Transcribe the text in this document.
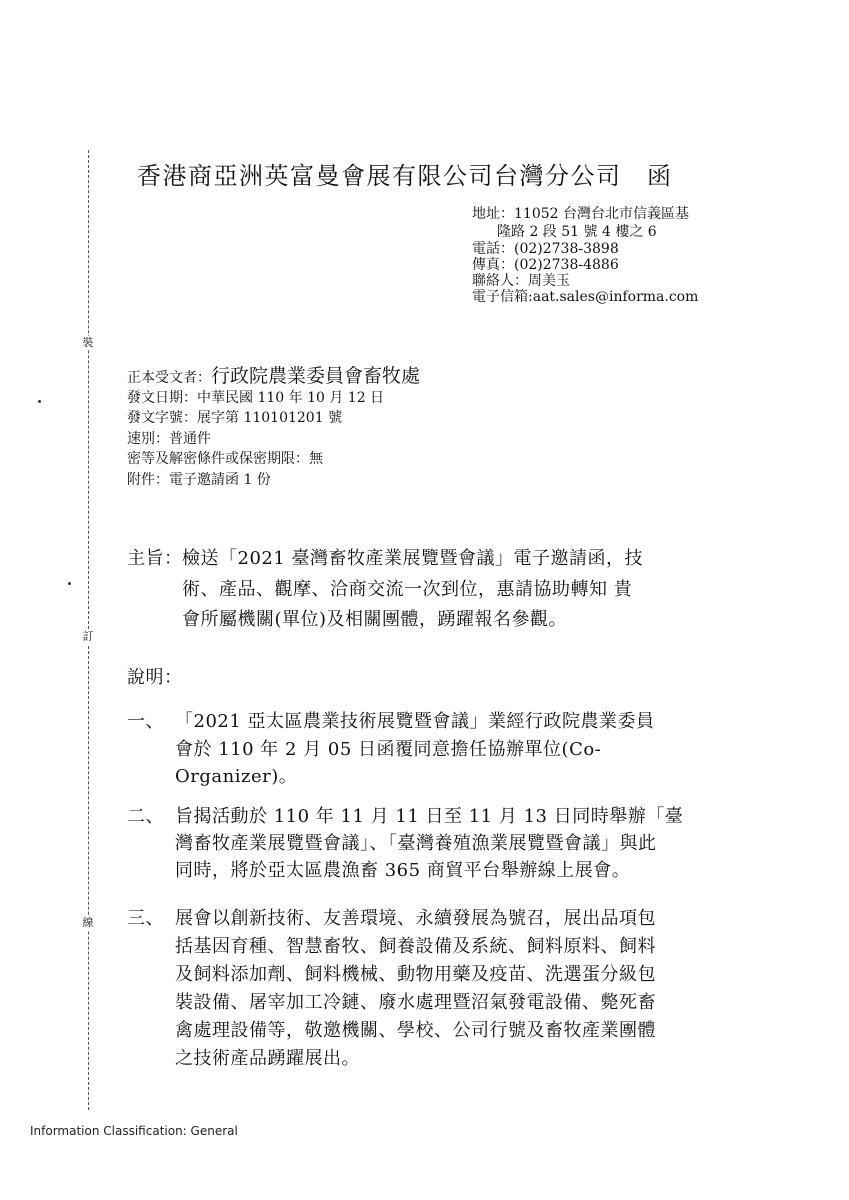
裝
訂
線
香港商亞洲英富曼會展有限公司台灣分公司　函
地址：11052 台灣台北市信義區基
隆路 2 段 51 號 4 樓之 6
電話：(02)2738-3898
傳真：(02)2738-4886
聯絡人：周美玉
電子信箱:aat.sales@informa.com
正本受文者：行政院農業委員會畜牧處
發文日期：中華民國 110 年 10 月 12 日
發文字號：展字第 110101201 號
速別：普通件
密等及解密條件或保密期限：無
附件：電子邀請函 1 份
主旨： 檢送「2021 臺灣畜牧產業展覽暨會議」電子邀請函，技
術、產品、觀摩、洽商交流一次到位，惠請協助轉知 貴
會所屬機關(單位)及相關團體，踴躍報名參觀。
說明：
一、 「2021 亞太區農業技術展覽暨會議」業經行政院農業委員
會於 110 年 2 月 05 日函覆同意擔任協辦單位(Co-
Organizer)。
二、 旨揭活動於 110 年 11 月 11 日至 11 月 13 日同時舉辦「臺
灣畜牧產業展覽暨會議」、「臺灣養殖漁業展覽暨會議」與此
同時，將於亞太區農漁畜 365 商貿平台舉辦線上展會。
三、 展會以創新技術、友善環境、永續發展為號召，展出品項包
括基因育種、智慧畜牧、飼養設備及系統、飼料原料、飼料
及飼料添加劑、飼料機械、動物用藥及疫苗、洗選蛋分級包
裝設備、屠宰加工冷鏈、廢水處理暨沼氣發電設備、斃死畜
禽處理設備等，敬邀機關、學校、公司行號及畜牧產業團體
之技術產品踴躍展出。
Information Classification: General
